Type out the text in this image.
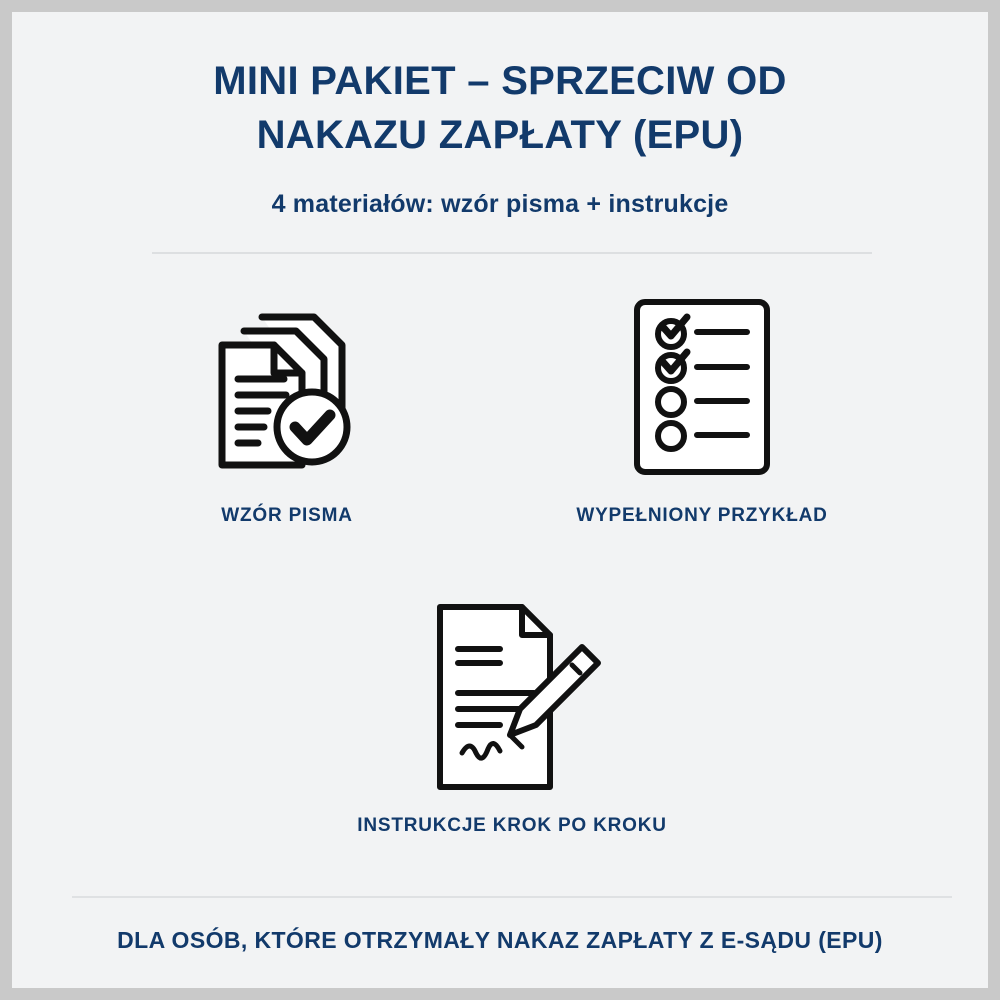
MINI PAKIET – SPRZECIW OD
NAKAZU ZAPŁATY (EPU)
4 materiałów: wzór pisma + instrukcje
WZÓR PISMA	WYPEŁNIONY PRZYKŁAD
INSTRUKCJE KROK PO KROKU
DLA OSÓB, KTÓRE OTRZYMAŁY NAKAZ ZAPŁATY Z E-SĄDU (EPU)
